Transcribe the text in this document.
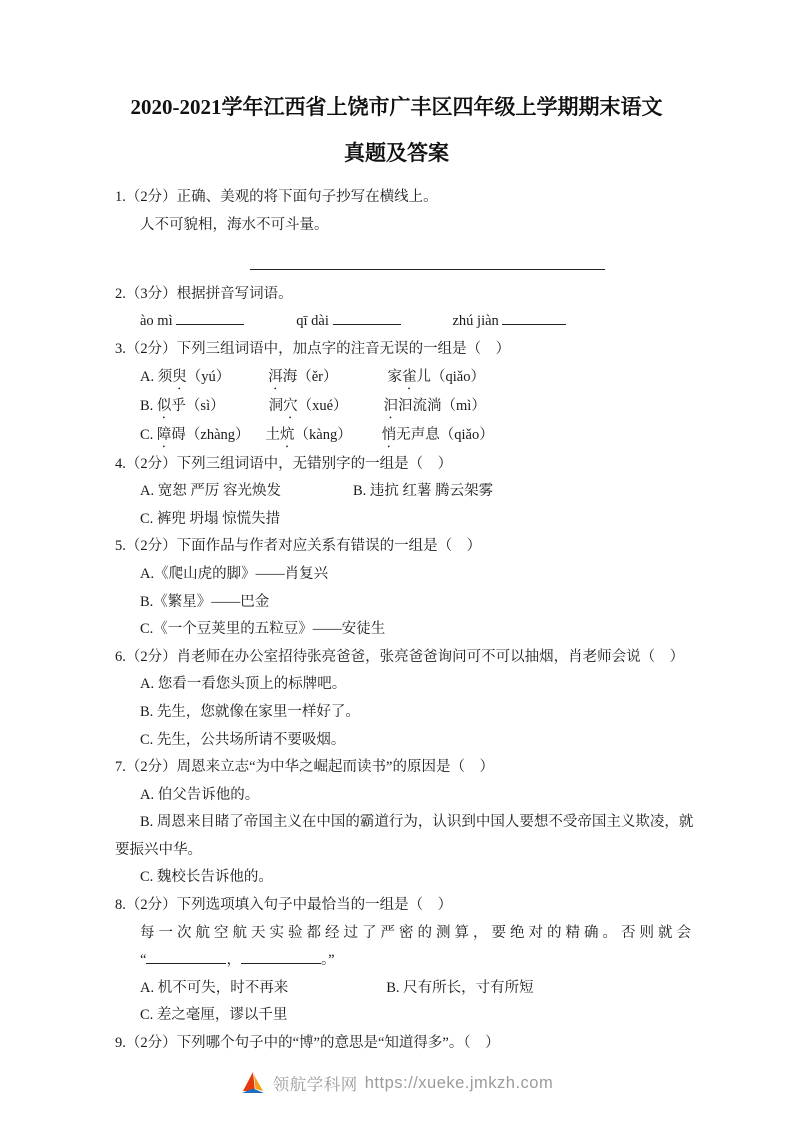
2020-2021学年江西省上饶市广丰区四年级上学期期末语文
真题及答案
1.（2分）正确、美观的将下面句子抄写在横线上。
人不可貌相，海水不可斗量。
2.（3分）根据拼音写词语。
ào mì	qī dài	zhú jiàn
3.（2分）下列三组词语中，加点字的注音无误的一组是（　）
A. 须臾（yú）	洱海（ěr）	家雀儿（qiǎo）
B. 似乎（sì）	洞穴（xué） 汩汩流淌（mì）
C. 障碍（zhàng） 土炕（kàng） 悄无声息（qiǎo）
4.（2分）下列三组词语中，无错别字的一组是（　）
A. 宽恕 严厉 容光焕发	B. 违抗 红薯 腾云架雾
C. 裤兜 坍塌 惊慌失措
5.（2分）下面作品与作者对应关系有错误的一组是（　）
A.《爬山虎的脚》——肖复兴
B.《繁星》——巴金
C.《一个豆荚里的五粒豆》——安徒生
6.（2分）肖老师在办公室招待张亮爸爸，张亮爸爸询问可不可以抽烟，肖老师会说（　）
A. 您看一看您头顶上的标牌吧。
B. 先生，您就像在家里一样好了。
C. 先生，公共场所请不要吸烟。
7.（2分）周恩来立志“为中华之崛起而读书”的原因是（　）
A. 伯父告诉他的。
B. 周恩来目睹了帝国主义在中国的霸道行为，认识到中国人要想不受帝国主义欺凌，就
要振兴中华。
C. 魏校长告诉他的。
8.（2分）下列选项填入句子中最恰当的一组是（　）
每一次航空航天实验都经过了严密的测算，要绝对的精确。否则就会
“	，	。”
A. 机不可失，时不再来	B. 尺有所长，寸有所短
C. 差之毫厘，谬以千里
9.（2分）下列哪个句子中的“博”的意思是“知道得多”。（　）
领航学科网 https://xueke.jmkzh.com
